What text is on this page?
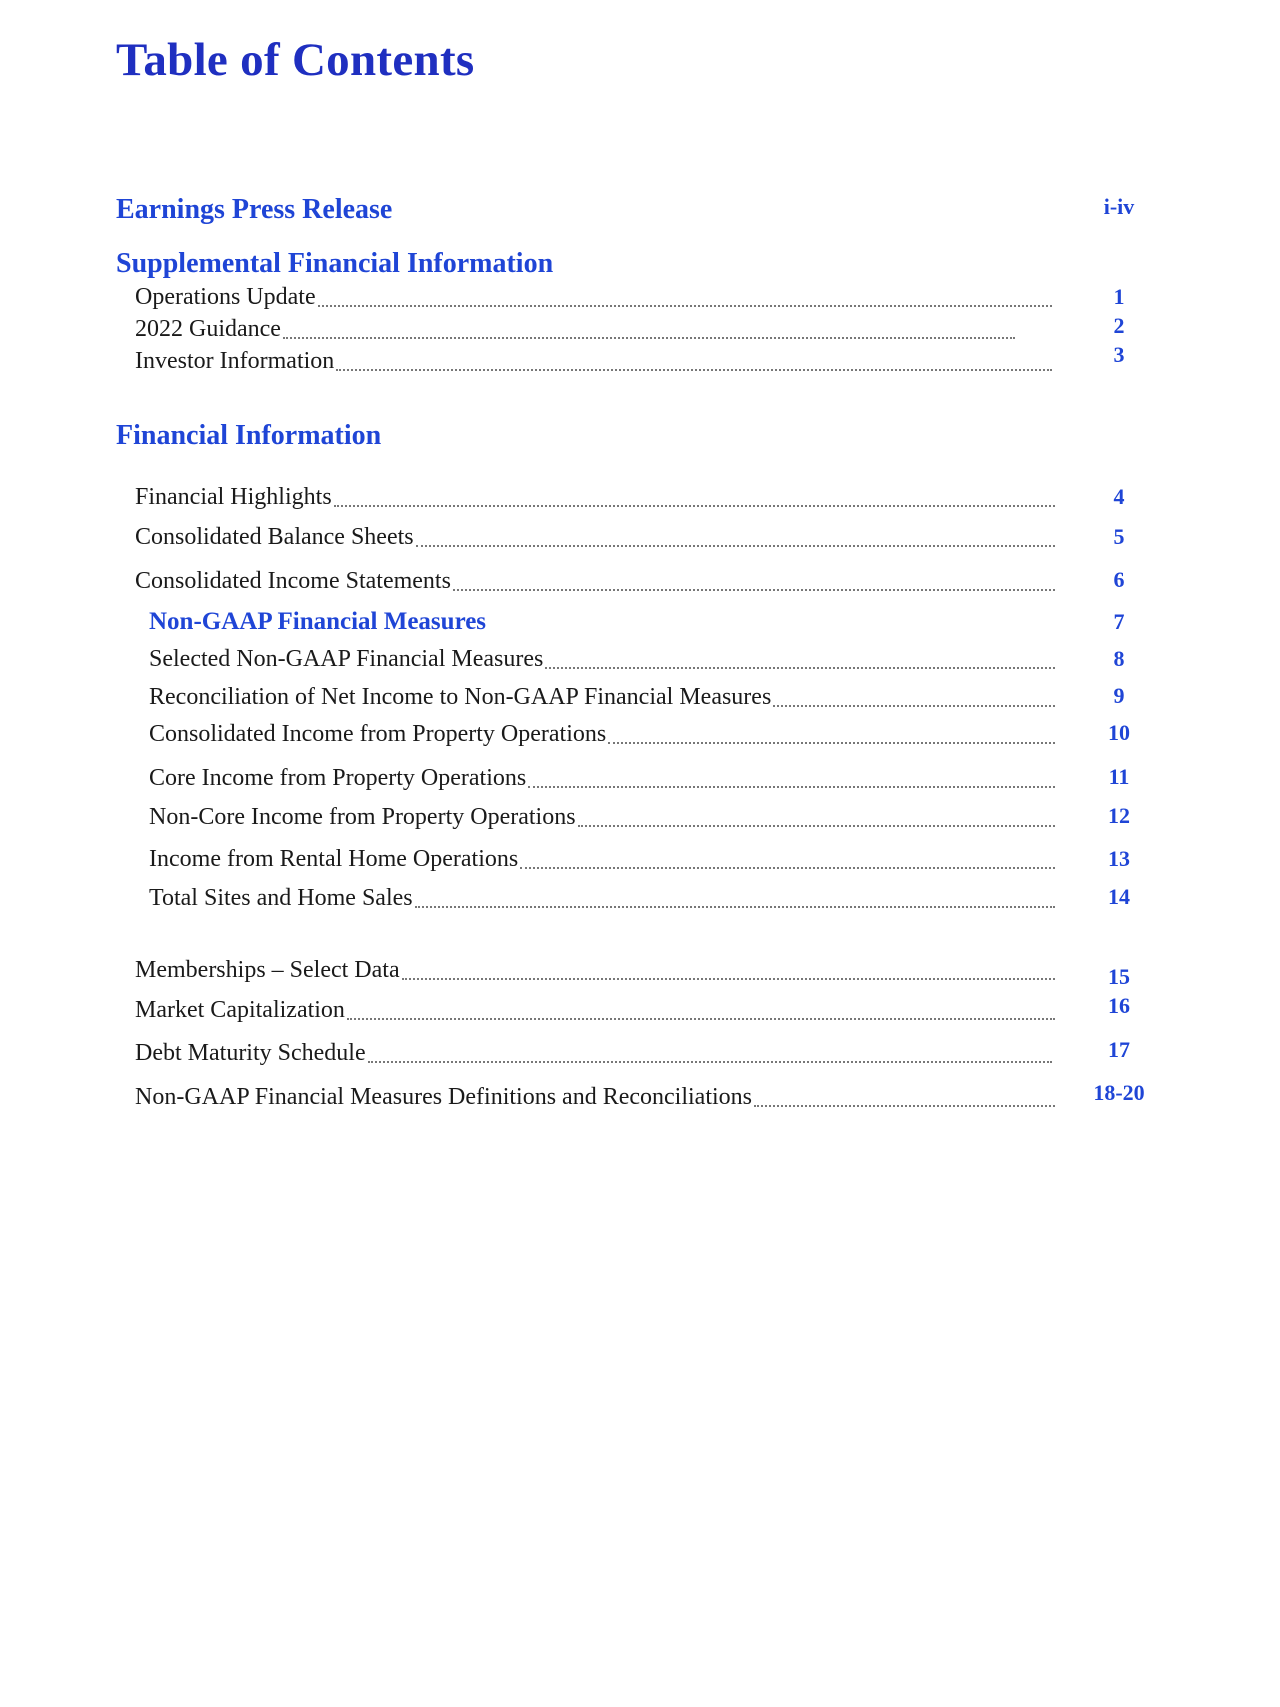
Table of Contents
Earnings Press Release	i-iv
Supplemental Financial Information
Operations Update	1
2022 Guidance	2
Investor Information	3
Financial Information
Financial Highlights	4
Consolidated Balance Sheets	5
Consolidated Income Statements	6
Non-GAAP Financial Measures	7
Selected Non-GAAP Financial Measures	8
Reconciliation of Net Income to Non-GAAP Financial Measures	9
Consolidated Income from Property Operations	10
Core Income from Property Operations	11
Non-Core Income from Property Operations	12
Income from Rental Home Operations	13
Total Sites and Home Sales	14
Memberships – Select Data	15
Market Capitalization	16
Debt Maturity Schedule	17
Non-GAAP Financial Measures Definitions and Reconciliations	18-20
